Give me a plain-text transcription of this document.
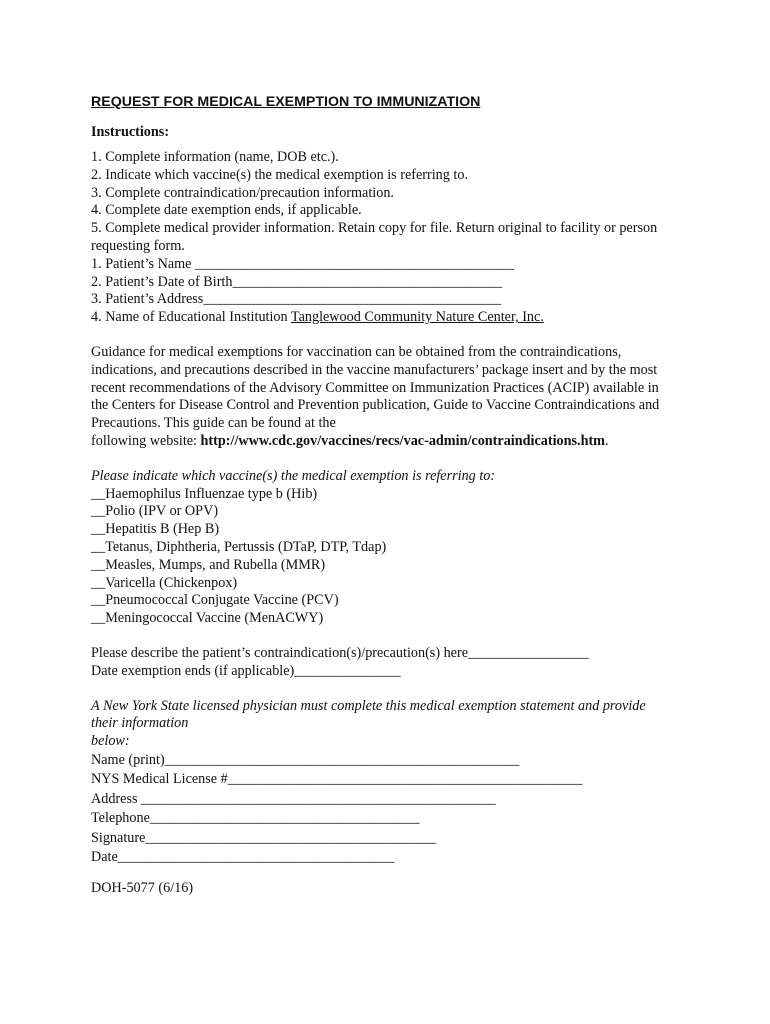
REQUEST FOR MEDICAL EXEMPTION TO IMMUNIZATION

Instructions:

1. Complete information (name, DOB etc.).

2. Indicate which vaccine(s) the medical exemption is referring to.

3. Complete contraindication/precaution information.

4. Complete date exemption ends, if applicable.

5. Complete medical provider information. Retain copy for file. Return original to facility or person requesting form.

1. Patient’s Name _____________________________________________

2. Patient’s Date of Birth______________________________________

3. Patient’s Address__________________________________________

4. Name of Educational Institution Tanglewood Community Nature Center, Inc.

Guidance for medical exemptions for vaccination can be obtained from the contraindications, indications, and precautions described in the vaccine manufacturers’ package insert and by the most recent recommendations of the Advisory Committee on Immunization Practices (ACIP) available in the Centers for Disease Control and Prevention publication, Guide to Vaccine Contraindications and Precautions. This guide can be found at the

following website: http://www.cdc.gov/vaccines/recs/vac-admin/contraindications.htm.

Please indicate which vaccine(s) the medical exemption is referring to:

__Haemophilus Influenzae type b (Hib)

__Polio (IPV or OPV)

__Hepatitis B (Hep B)

__Tetanus, Diphtheria, Pertussis (DTaP, DTP, Tdap)

__Measles, Mumps, and Rubella (MMR)

__Varicella (Chickenpox)

__Pneumococcal Conjugate Vaccine (PCV)

__Meningococcal Vaccine (MenACWY)

Please describe the patient’s contraindication(s)/precaution(s) here_________________

Date exemption ends (if applicable)_______________

A New York State licensed physician must complete this medical exemption statement and provide their information

below:

Name (print)__________________________________________________

NYS Medical License #__________________________________________________

Address __________________________________________________

Telephone______________________________________

Signature_________________________________________

Date_______________________________________

DOH-5077 (6/16)
